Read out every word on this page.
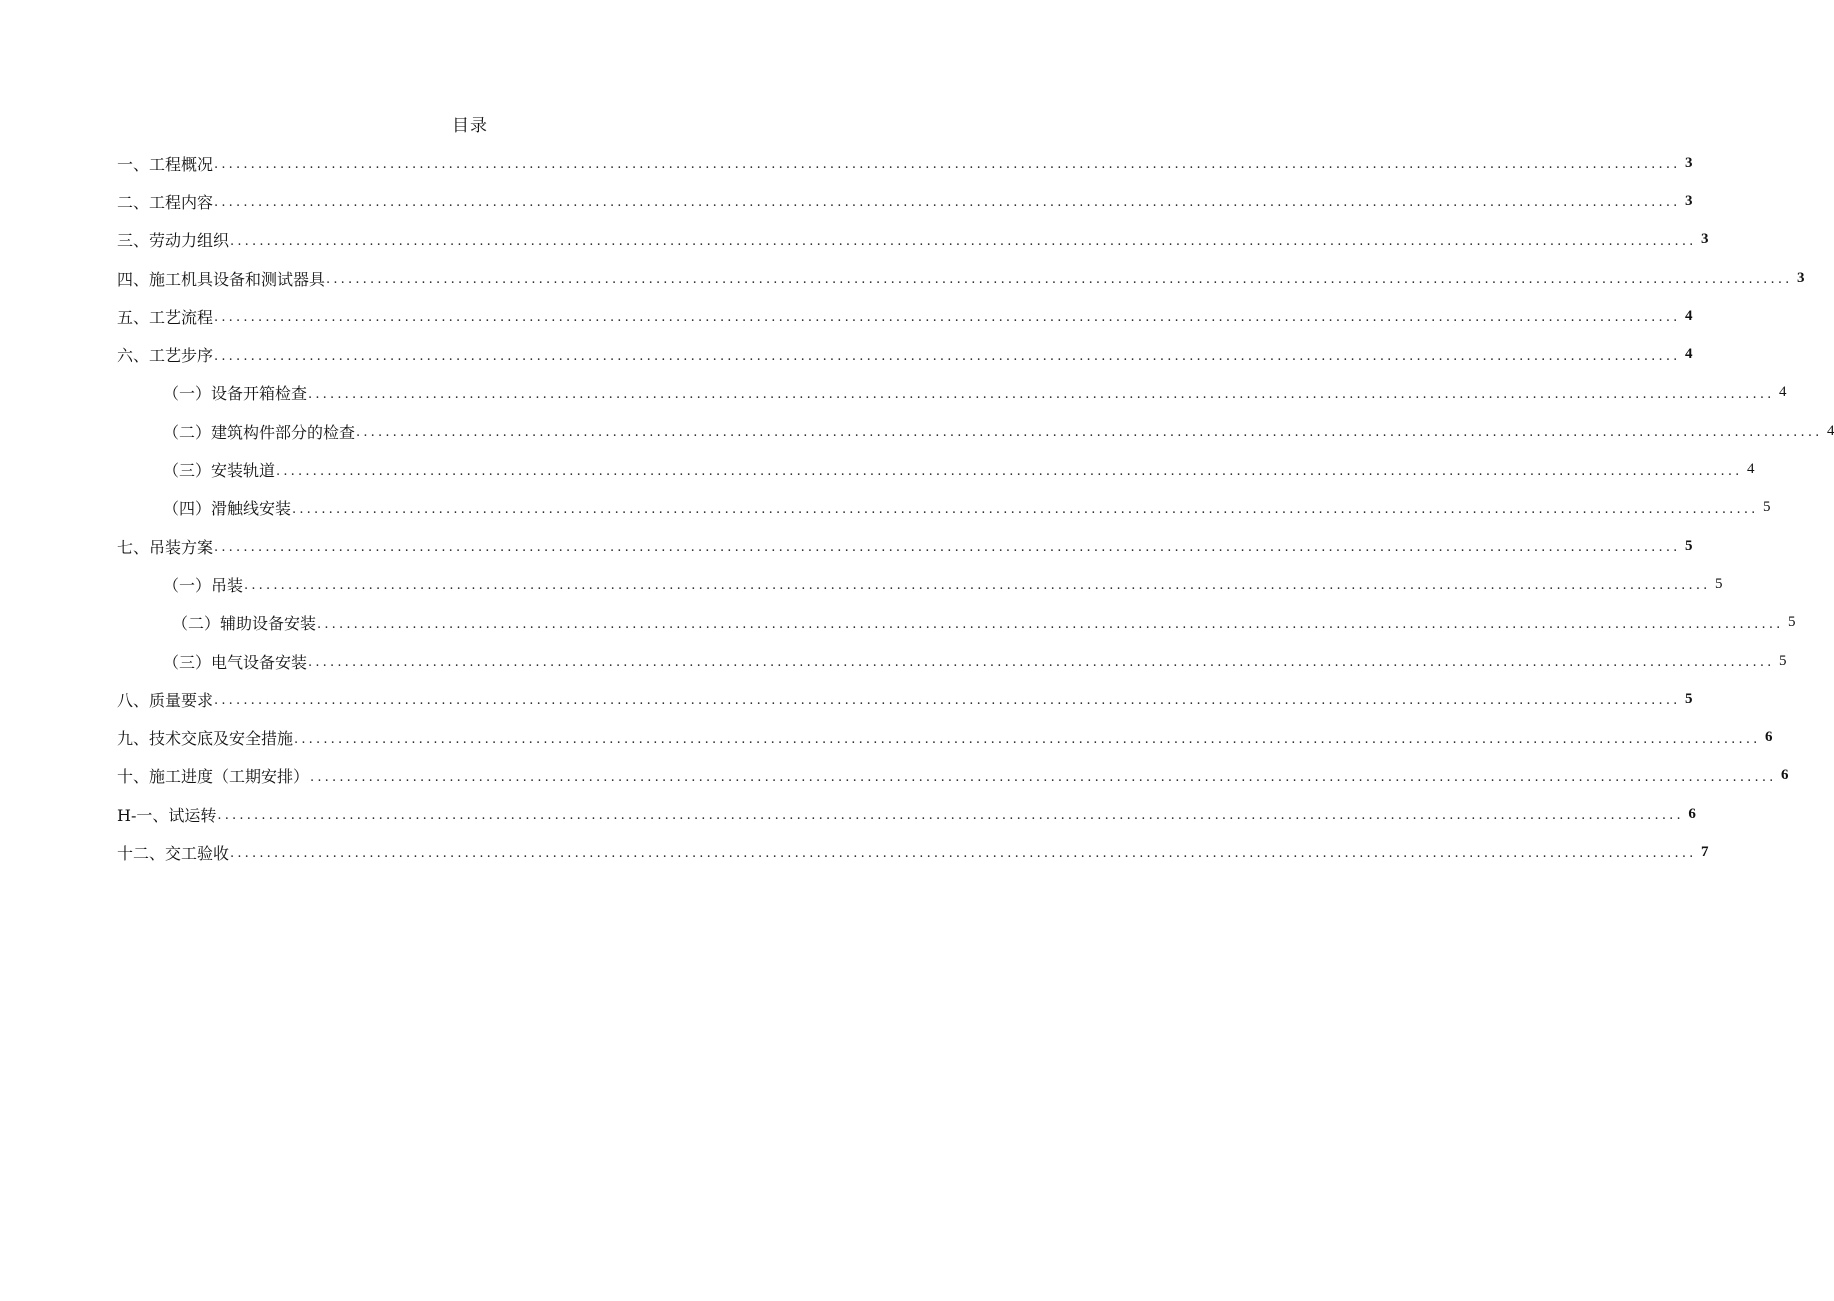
目录
一、工程概况 ........................................................................................................................................................................................................ 3
二、工程内容 ........................................................................................................................................................................................................ 3
三、劳动力组织 ........................................................................................................................................................................................................ 3
四、施工机具设备和测试器具 ........................................................................................................................................................................................................ 3
五、工艺流程 ........................................................................................................................................................................................................ 4
六、工艺步序 ........................................................................................................................................................................................................ 4
（一）设备开箱检查 ........................................................................................................................................................................................................ 4
（二）建筑构件部分的检查 ........................................................................................................................................................................................................ 4
（三）安装轨道 ........................................................................................................................................................................................................ 4
（四）滑触线安装 ........................................................................................................................................................................................................ 5
七、吊装方案 ........................................................................................................................................................................................................ 5
（一）吊装 ........................................................................................................................................................................................................ 5
（二）辅助设备安装 ........................................................................................................................................................................................................ 5
（三）电气设备安装 ........................................................................................................................................................................................................ 5
八、质量要求 ........................................................................................................................................................................................................ 5
九、技术交底及安全措施 ........................................................................................................................................................................................................ 6
十、施工进度（工期安排） ........................................................................................................................................................................................................ 6
H-一、试运转 ........................................................................................................................................................................................................ 6
十二、交工验收 ........................................................................................................................................................................................................ 7
